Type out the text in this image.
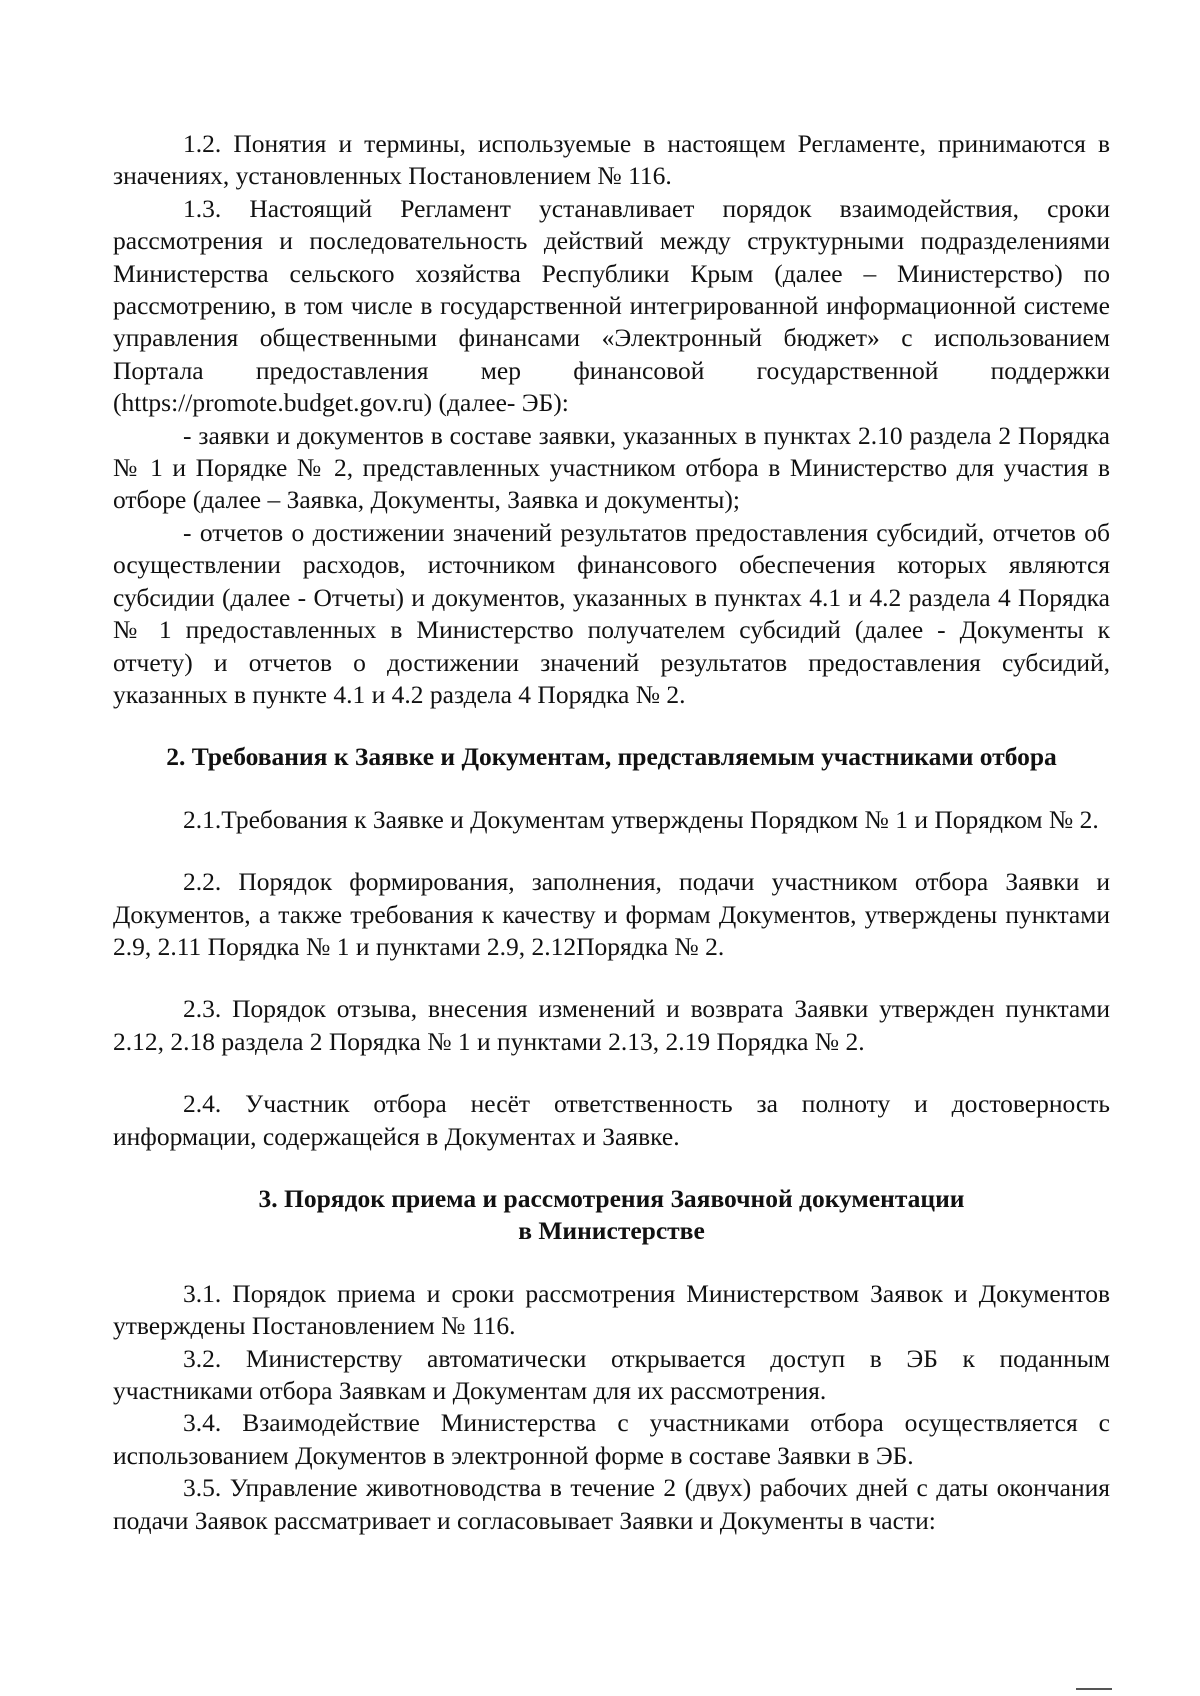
1.2. Понятия и термины, используемые в настоящем Регламенте, принимаются в значениях, установленных Постановлением № 116.

1.3. Настоящий Регламент устанавливает порядок взаимодействия, сроки рассмотрения и последовательность действий между структурными подразделениями Министерства сельского хозяйства Республики Крым (далее – Министерство) по рассмотрению, в том числе в государственной интегрированной информационной системе управления общественными финансами «Электронный бюджет» с использованием Портала предоставления мер финансовой государственной поддержки (https://promote.budget.gov.ru) (далее- ЭБ):

- заявки и документов в составе заявки, указанных в пунктах 2.10 раздела 2 Порядка № 1 и Порядке № 2, представленных участником отбора в Министерство для участия в отборе (далее – Заявка, Документы, Заявка и документы);

- отчетов о достижении значений результатов предоставления субсидий, отчетов об осуществлении расходов, источником финансового обеспечения которых являются субсидии (далее - Отчеты) и документов, указанных в пунктах 4.1 и 4.2 раздела 4 Порядка № 1 предоставленных в Министерство получателем субсидий (далее - Документы к отчету) и отчетов о достижении значений результатов предоставления субсидий, указанных в пункте 4.1 и 4.2 раздела 4 Порядка № 2.

2. Требования к Заявке и Документам, представляемым участниками отбора

2.1.Требования к Заявке и Документам утверждены Порядком № 1 и Порядком № 2.

2.2. Порядок формирования, заполнения, подачи участником отбора Заявки и Документов, а также требования к качеству и формам Документов, утверждены пунктами 2.9, 2.11 Порядка № 1 и пунктами 2.9, 2.12Порядка № 2.

2.3. Порядок отзыва, внесения изменений и возврата Заявки утвержден пунктами 2.12, 2.18 раздела 2 Порядка № 1 и пунктами 2.13, 2.19 Порядка № 2.

2.4. Участник отбора несёт ответственность за полноту и достоверность информации, содержащейся в Документах и Заявке.

3. Порядок приема и рассмотрения Заявочной документации

в Министерстве

3.1. Порядок приема и сроки рассмотрения Министерством Заявок и Документов утверждены Постановлением № 116.

3.2. Министерству автоматически открывается доступ в ЭБ к поданным участниками отбора Заявкам и Документам для их рассмотрения.

3.4. Взаимодействие Министерства с участниками отбора осуществляется с использованием Документов в электронной форме в составе Заявки в ЭБ.

3.5. Управление животноводства в течение 2 (двух) рабочих дней с даты окончания подачи Заявок рассматривает и согласовывает Заявки и Документы в части:
